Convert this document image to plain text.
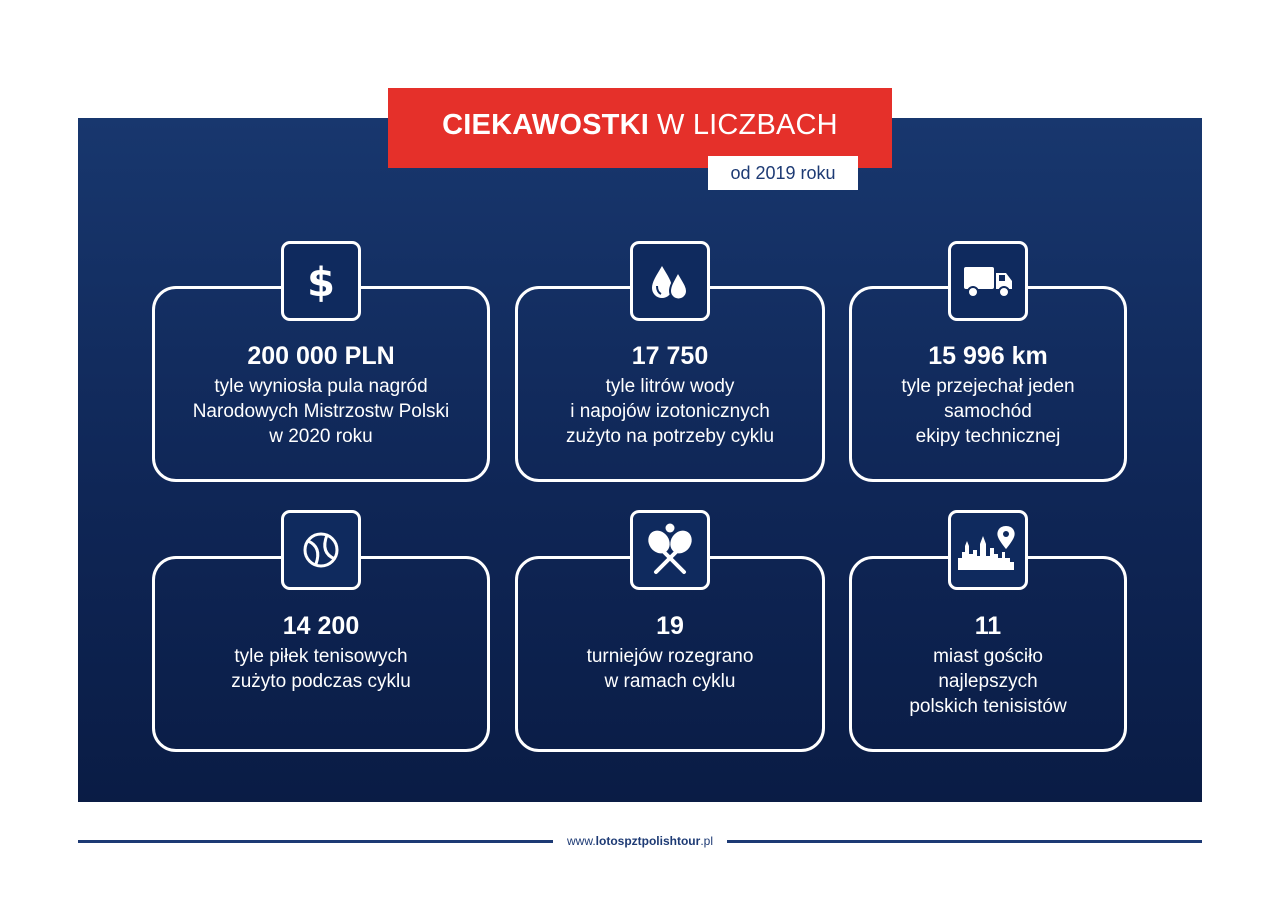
CIEKAWOSTKI W LICZBACH
od 2019 roku
200 000 PLN
tyle wyniosła pula nagród
Narodowych Mistrzostw Polski
w 2020 roku
$
17 750
tyle litrów wody
i napojów izotonicznych
zużyto na potrzeby cyklu
15 996 km
tyle przejechał jeden
samochód
ekipy technicznej
14 200
tyle piłek tenisowych
zużyto podczas cyklu
19
turniejów rozegrano
w ramach cyklu
11
miast gościło
najlepszych
polskich tenisistów
www.lotospztpolishtour.pl
